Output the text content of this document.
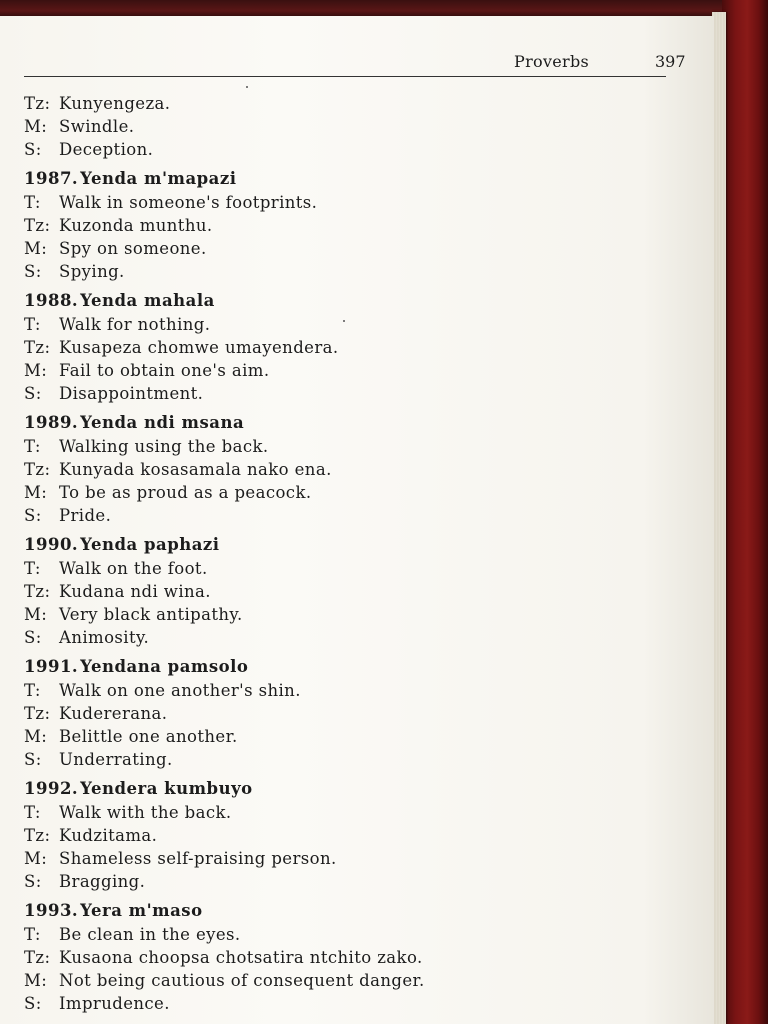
Proverbs	397
Tz: Kunyengeza.
M: Swindle.
S:	Deception.
1987. Yenda m'mapazi
T:	Walk in someone's footprints.
Tz: Kuzonda munthu.
M: Spy on someone.
S:	Spying.
1988. Yenda mahala
T:	Walk for nothing.
Tz: Kusapeza chomwe umayendera.
M: Fail to obtain one's aim.
S:	Disappointment.
1989. Yenda ndi msana
T:	Walking using the back.
Tz: Kunyada kosasamala nako ena.
M: To be as proud as a peacock.
S:	Pride.
1990. Yenda paphazi
T:	Walk on the foot.
Tz: Kudana ndi wina.
M: Very black antipathy.
S:	Animosity.
1991. Yendana pamsolo
T:	Walk on one another's shin.
Tz: Kudererana.
M: Belittle one another.
S:	Underrating.
1992. Yendera kumbuyo
T:	Walk with the back.
Tz: Kudzitama.
M: Shameless self-praising person.
S:	Bragging.
1993. Yera m'maso
T:	Be clean in the eyes.
Tz: Kusaona choopsa chotsatira ntchito zako.
M: Not being cautious of consequent danger.
S:	Imprudence.
